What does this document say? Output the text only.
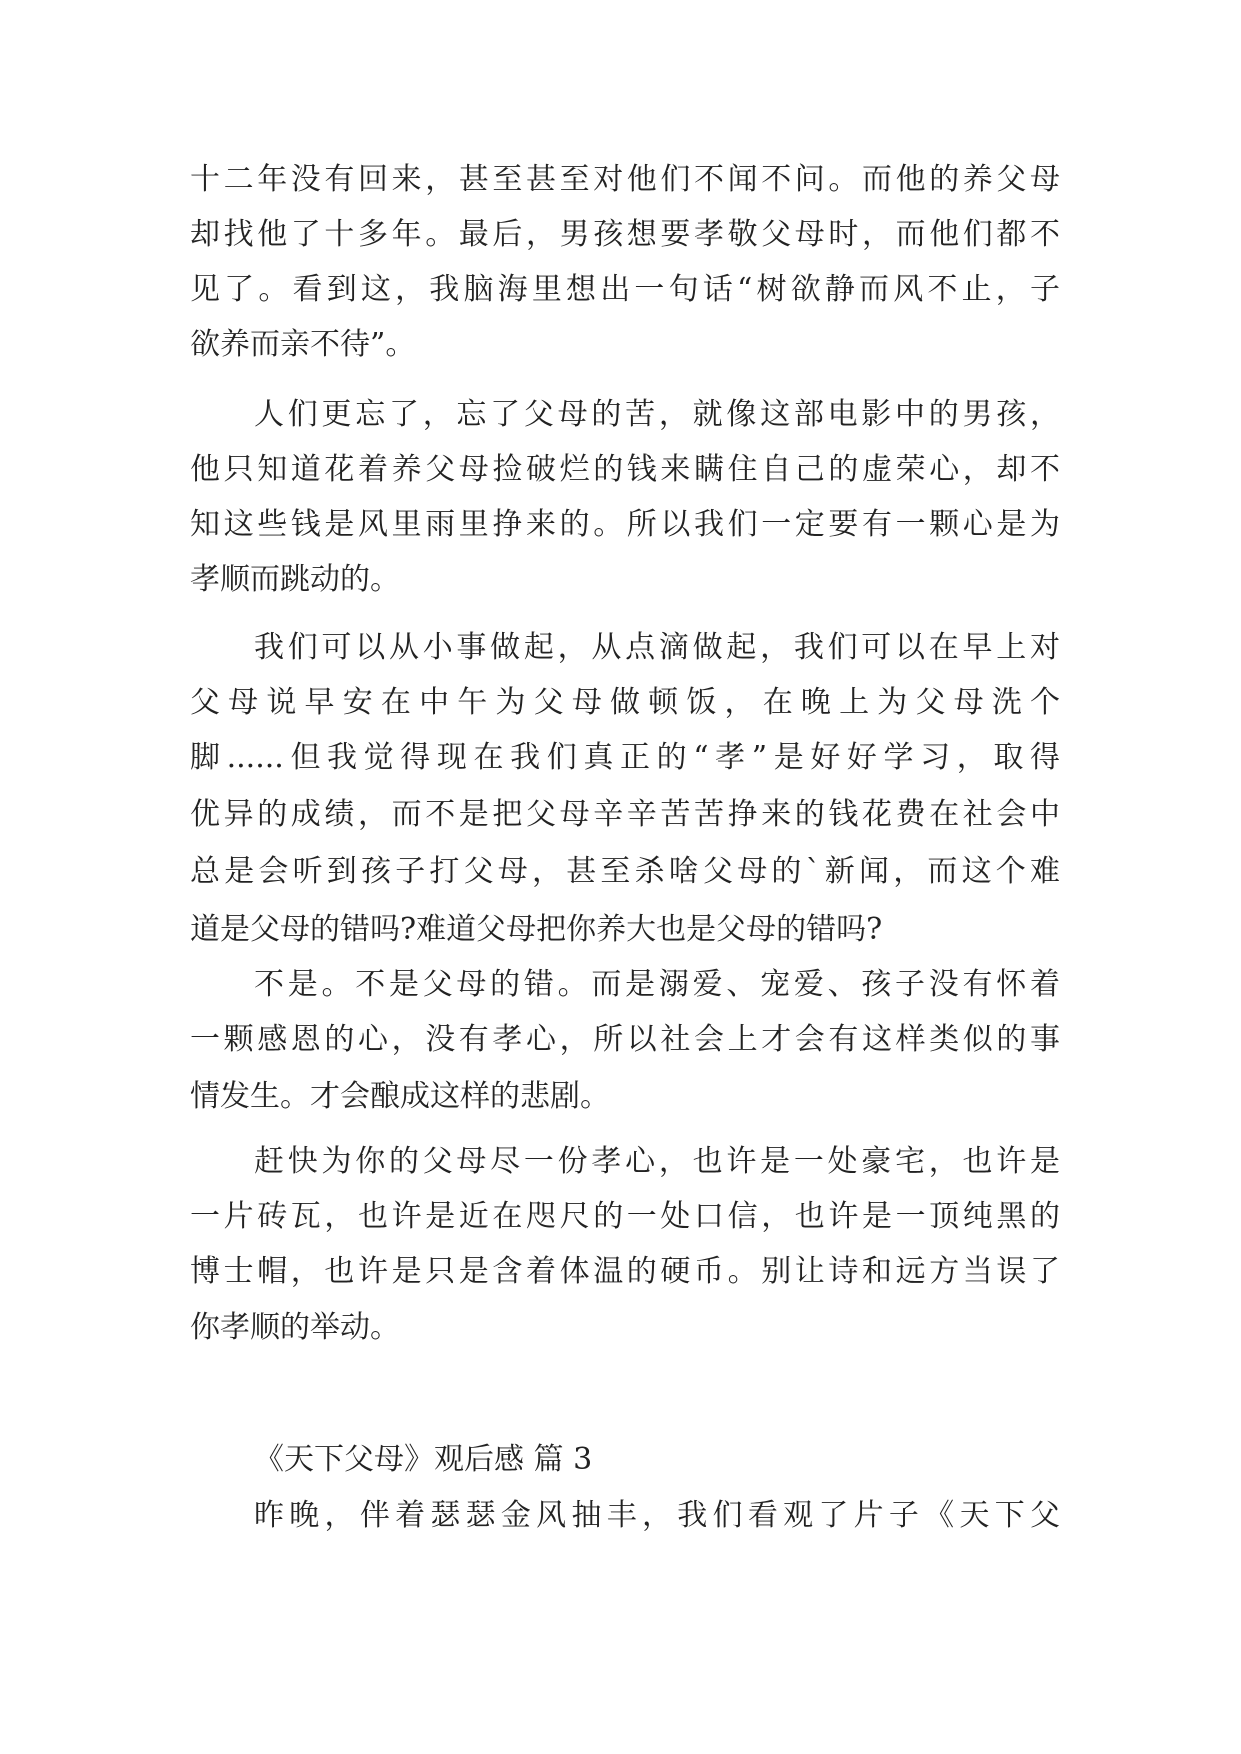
十二年没有回来，甚至甚至对他们不闻不问。而他的养父母
却找他了十多年。最后，男孩想要孝敬父母时，而他们都不
见了。看到这，我脑海里想出一句话“树欲静而风不止，子
欲养而亲不待”。
人们更忘了，忘了父母的苦，就像这部电影中的男孩，
他只知道花着养父母捡破烂的钱来瞒住自己的虚荣心，却不
知这些钱是风里雨里挣来的。所以我们一定要有一颗心是为
孝顺而跳动的。
我们可以从小事做起，从点滴做起，我们可以在早上对
父母说早安在中午为父母做顿饭，在晚上为父母洗个
脚......但我觉得现在我们真正的“孝”是好好学习，取得
优异的成绩，而不是把父母辛辛苦苦挣来的钱花费在社会中
总是会听到孩子打父母，甚至杀啥父母的`新闻，而这个难
道是父母的错吗?难道父母把你养大也是父母的错吗?
不是。不是父母的错。而是溺爱、宠爱、孩子没有怀着
一颗感恩的心，没有孝心，所以社会上才会有这样类似的事
情发生。才会酿成这样的悲剧。
赶快为你的父母尽一份孝心，也许是一处豪宅，也许是
一片砖瓦，也许是近在咫尺的一处口信，也许是一顶纯黑的
博士帽，也许是只是含着体温的硬币。别让诗和远方当误了
你孝顺的举动。
《天下父母》观后感 篇 3
昨晚，伴着瑟瑟金风抽丰，我们看观了片子《天下父
